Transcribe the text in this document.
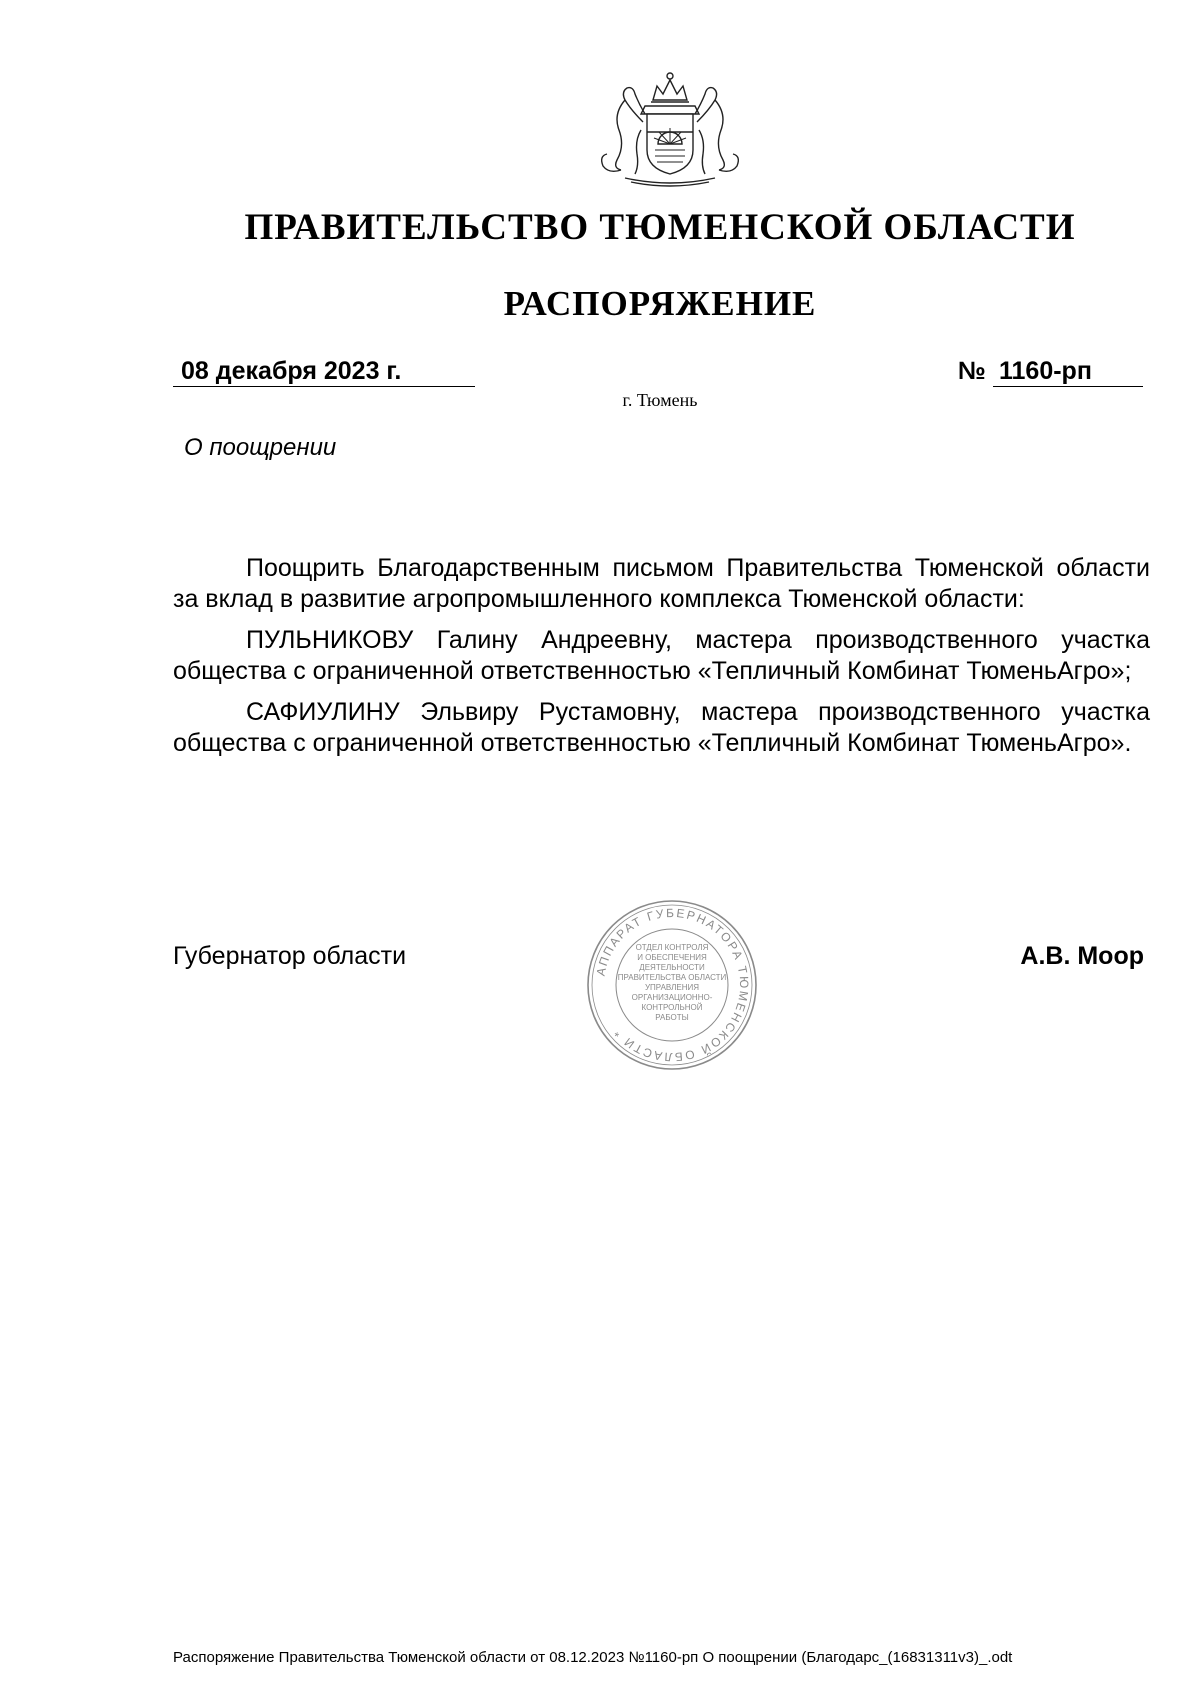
ПРАВИТЕЛЬСТВО ТЮМЕНСКОЙ ОБЛАСТИ
РАСПОРЯЖЕНИЕ
08 декабря 2023 г.	№ 1160-рп
г. Тюмень
О поощрении

Поощрить Благодарственным письмом Правительства Тюменской области за вклад в развитие агропромышленного комплекса Тюменской области:

ПУЛЬНИКОВУ Галину Андреевну, мастера производственного участка общества с ограниченной ответственностью «Тепличный Комбинат ТюменьАгро»;

САФИУЛИНУ Эльвиру Рустамовну, мастера производственного участка общества с ограниченной ответственностью «Тепличный Комбинат ТюменьАгро».

Губернатор области	А.В. Моор
АППАРАТ ГУБЕРНАТОРА ТЮМЕНСКОЙ ОБЛАСТИ *
ОТДЕЛ КОНТРОЛЯ
И ОБЕСПЕЧЕНИЯ
ДЕЯТЕЛЬНОСТИ
ПРАВИТЕЛЬСТВА ОБЛАСТИ
УПРАВЛЕНИЯ
ОРГАНИЗАЦИОННО-
КОНТРОЛЬНОЙ
РАБОТЫ
Распоряжение Правительства Тюменской области от 08.12.2023 №1160-рп О поощрении (Благодарс_(16831311v3)_.odt
